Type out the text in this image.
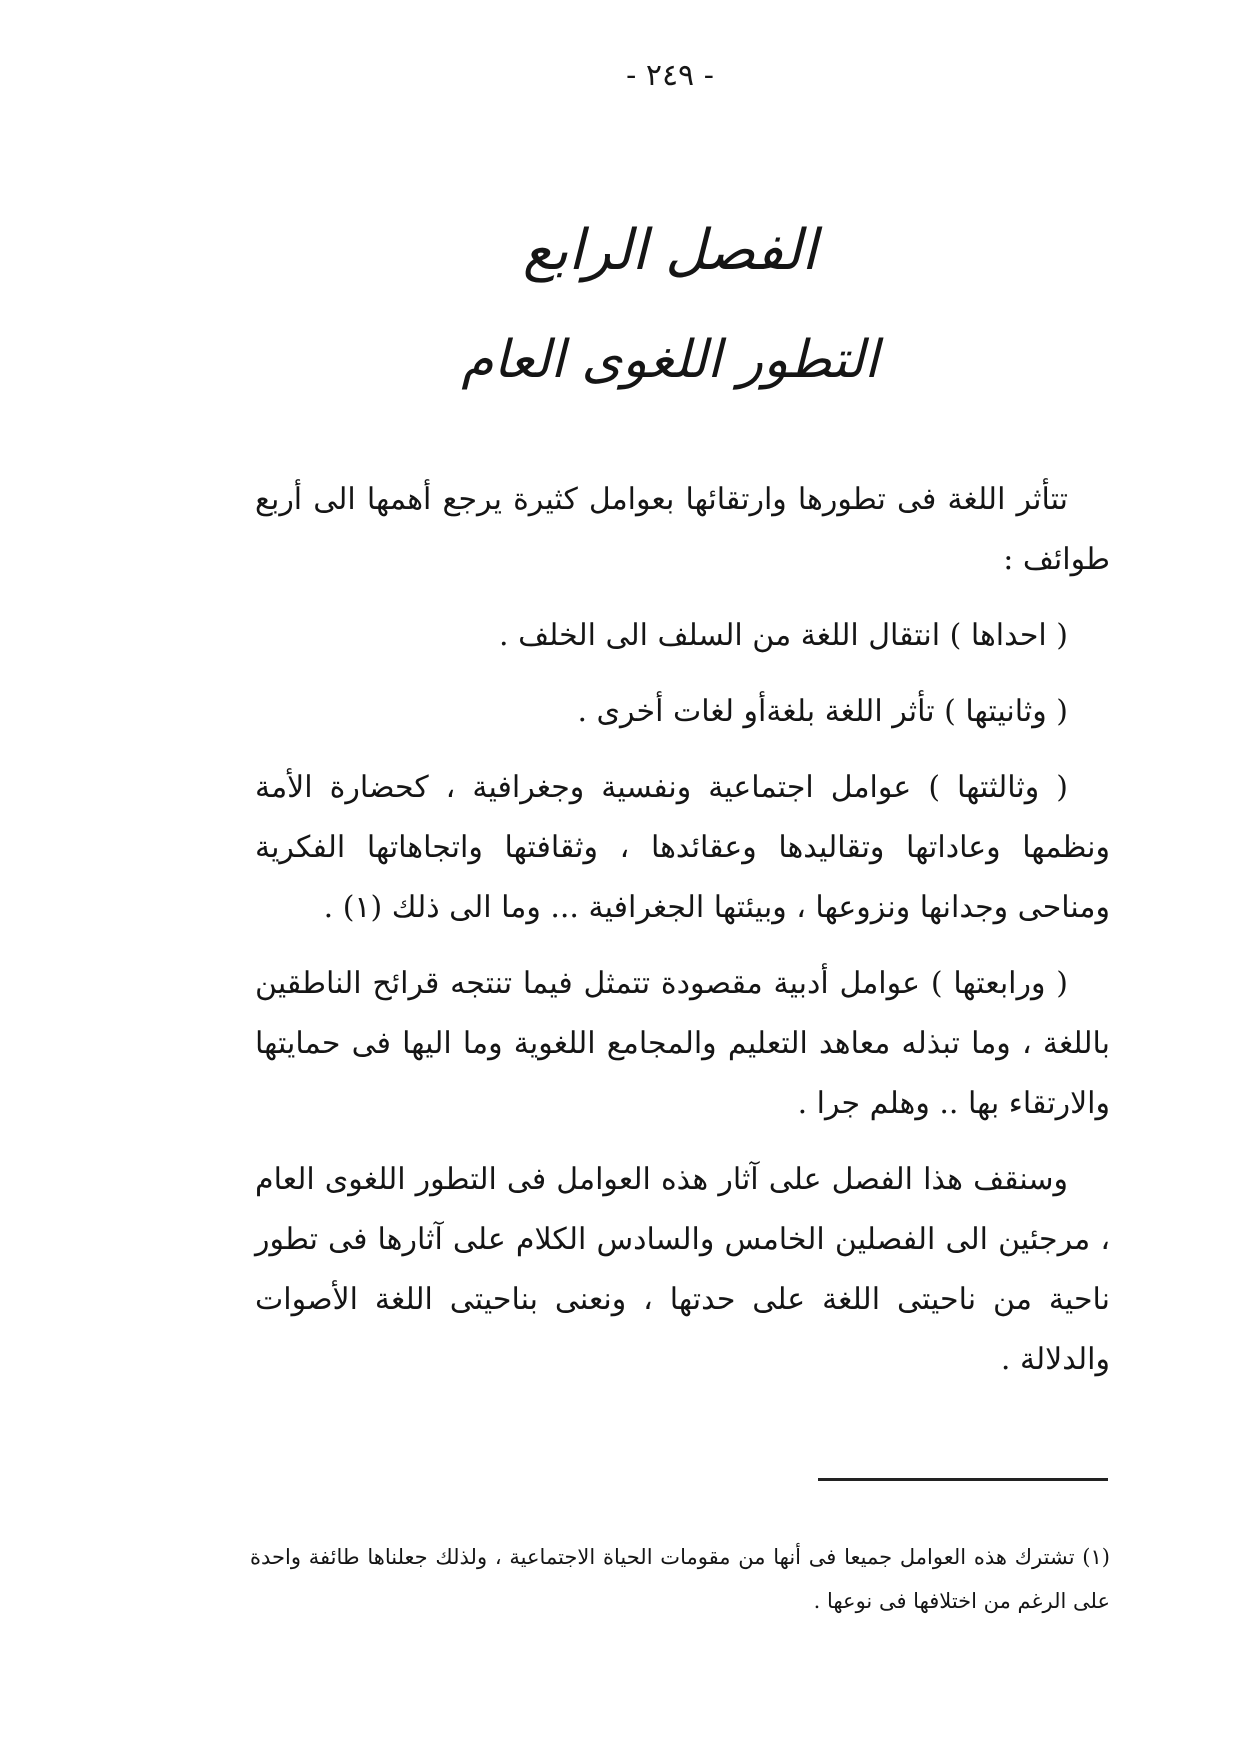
- ٢٤٩ -
الفصل الرابع
التطور اللغوى العام

تتأثر اللغة فى تطورها وارتقائها بعوامل كثيرة يرجع أهمها الى أربع طوائف :

( احداها ) انتقال اللغة من السلف الى الخلف .

( وثانيتها ) تأثر اللغة بلغةأو لغات أخرى .

( وثالثتها ) عوامل اجتماعية ونفسية وجغرافية ، كحضارة الأمة ونظمها وعاداتها وتقاليدها وعقائدها ، وثقافتها واتجاهاتها الفكرية ومناحى وجدانها ونزوعها ، وبيئتها الجغرافية ... وما الى ذلك (١) .

( ورابعتها ) عوامل أدبية مقصودة تتمثل فيما تنتجه قرائح الناطقين باللغة ، وما تبذله معاهد التعليم والمجامع اللغوية وما اليها فى حمايتها والارتقاء بها .. وهلم جرا .

وسنقف هذا الفصل على آثار هذه العوامل فى التطور اللغوى العام ، مرجئين الى الفصلين الخامس والسادس الكلام على آثارها فى تطور ناحية من ناحيتى اللغة على حدتها ، ونعنى بناحيتى اللغة الأصوات والدلالة .

(١) تشترك هذه العوامل جميعا فى أنها من مقومات الحياة الاجتماعية ، ولذلك جعلناها طائفة واحدة على الرغم من اختلافها فى نوعها .
